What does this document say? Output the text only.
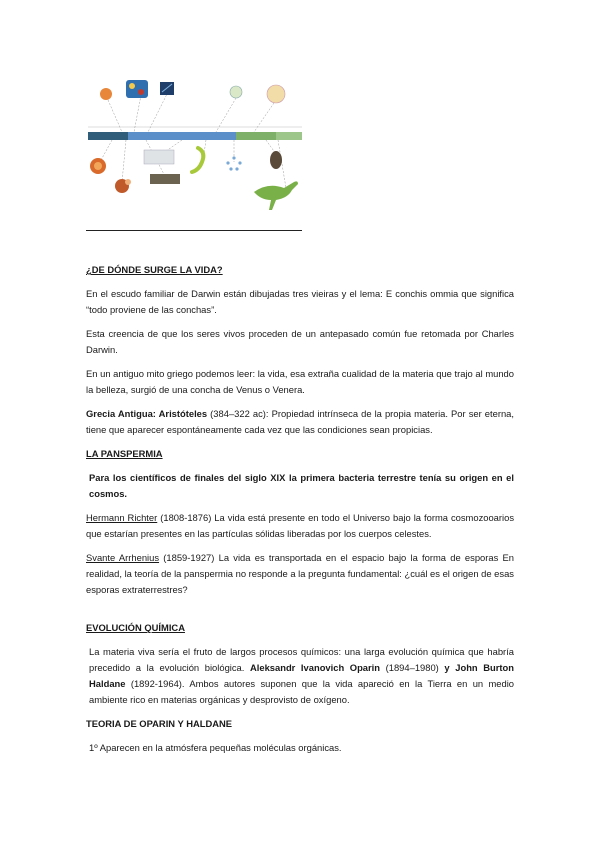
¿DE DÓNDE SURGE LA VIDA?

En el escudo familiar de Darwin están dibujadas tres vieiras y el lema: E conchis ommia que significa “todo proviene de las conchas”.

Esta creencia de que los seres vivos proceden de un antepasado común fue retomada por Charles Darwin.

En un antiguo mito griego podemos leer: la vida, esa extraña cualidad de la materia que trajo al mundo la belleza, surgió de una concha de Venus o Venera.

Grecia Antigua: Aristóteles (384–322 ac): Propiedad intrínseca de la propia materia. Por ser eterna, tiene que aparecer espontáneamente cada vez que las condiciones sean propicias.

LA PANSPERMIA

Para los científicos de finales del siglo XIX la primera bacteria terrestre tenía su origen en el cosmos.

Hermann Richter (1808-1876) La vida está presente en todo el Universo bajo la forma cosmozooarios que estarían presentes en las partículas sólidas liberadas por los cuerpos celestes.

Svante Arrhenius (1859-1927) La vida es transportada en el espacio bajo la forma de esporas En realidad, la teoría de la panspermia no responde a la pregunta fundamental: ¿cuál es el origen de esas esporas extraterrestres?

EVOLUCIÓN QUÍMICA

La materia viva sería el fruto de largos procesos químicos: una larga evolución química que habría precedido a la evolución biológica. Aleksandr Ivanovich Oparin (1894–1980) y John Burton Haldane (1892-1964). Ambos autores suponen que la vida apareció en la Tierra en un medio ambiente rico en materias orgánicas y desprovisto de oxígeno.

TEORIA DE OPARIN Y HALDANE

1º Aparecen en la atmósfera pequeñas moléculas orgánicas.
